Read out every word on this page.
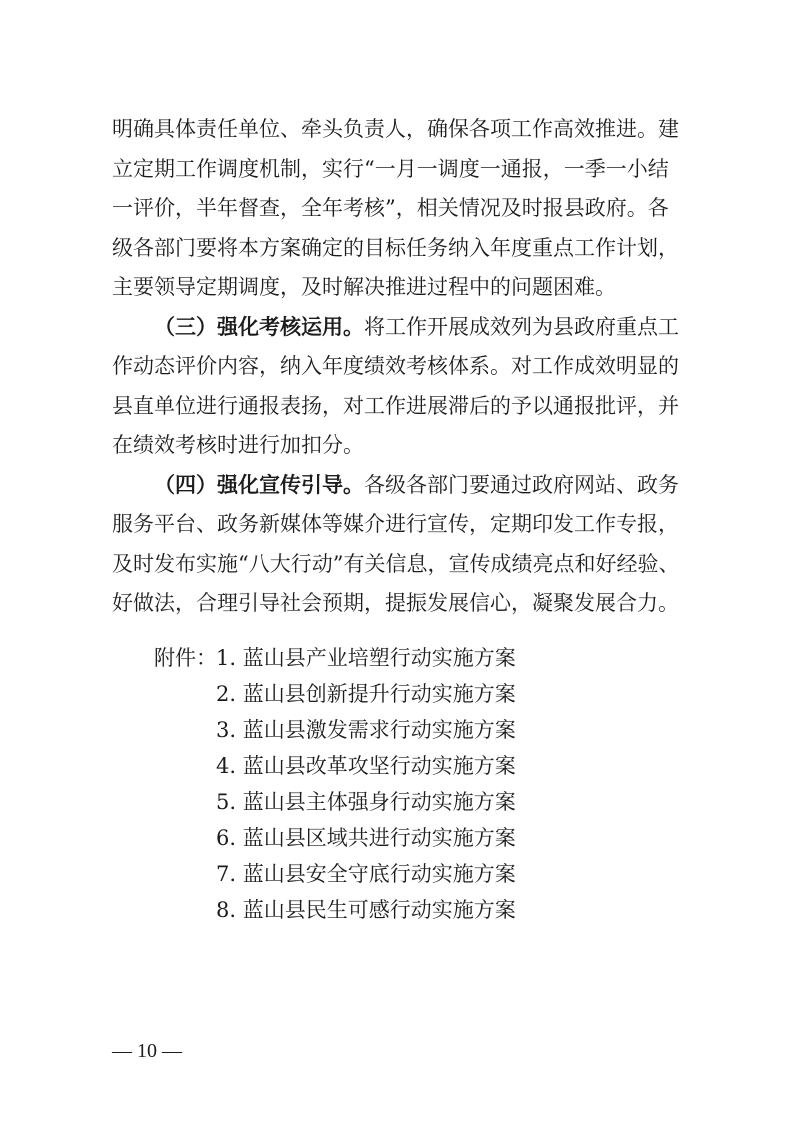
明确具体责任单位、牵头负责人，确保各项工作高效推进。建
立定期工作调度机制，实行“一月一调度一通报，一季一小结
一评价，半年督查，全年考核”，相关情况及时报县政府。各
级各部门要将本方案确定的目标任务纳入年度重点工作计划，
主要领导定期调度，及时解决推进过程中的问题困难。
（三）强化考核运用。将工作开展成效列为县政府重点工
作动态评价内容，纳入年度绩效考核体系。对工作成效明显的
县直单位进行通报表扬，对工作进展滞后的予以通报批评，并
在绩效考核时进行加扣分。
（四）强化宣传引导。各级各部门要通过政府网站、政务
服务平台、政务新媒体等媒介进行宣传，定期印发工作专报，
及时发布实施“八大行动”有关信息，宣传成绩亮点和好经验、
好做法，合理引导社会预期，提振发展信心，凝聚发展合力。
附件： 1. 蓝山县产业培塑行动实施方案
2. 蓝山县创新提升行动实施方案
3. 蓝山县激发需求行动实施方案
4. 蓝山县改革攻坚行动实施方案
5. 蓝山县主体强身行动实施方案
6. 蓝山县区域共进行动实施方案
7. 蓝山县安全守底行动实施方案
8. 蓝山县民生可感行动实施方案
— 10 —
